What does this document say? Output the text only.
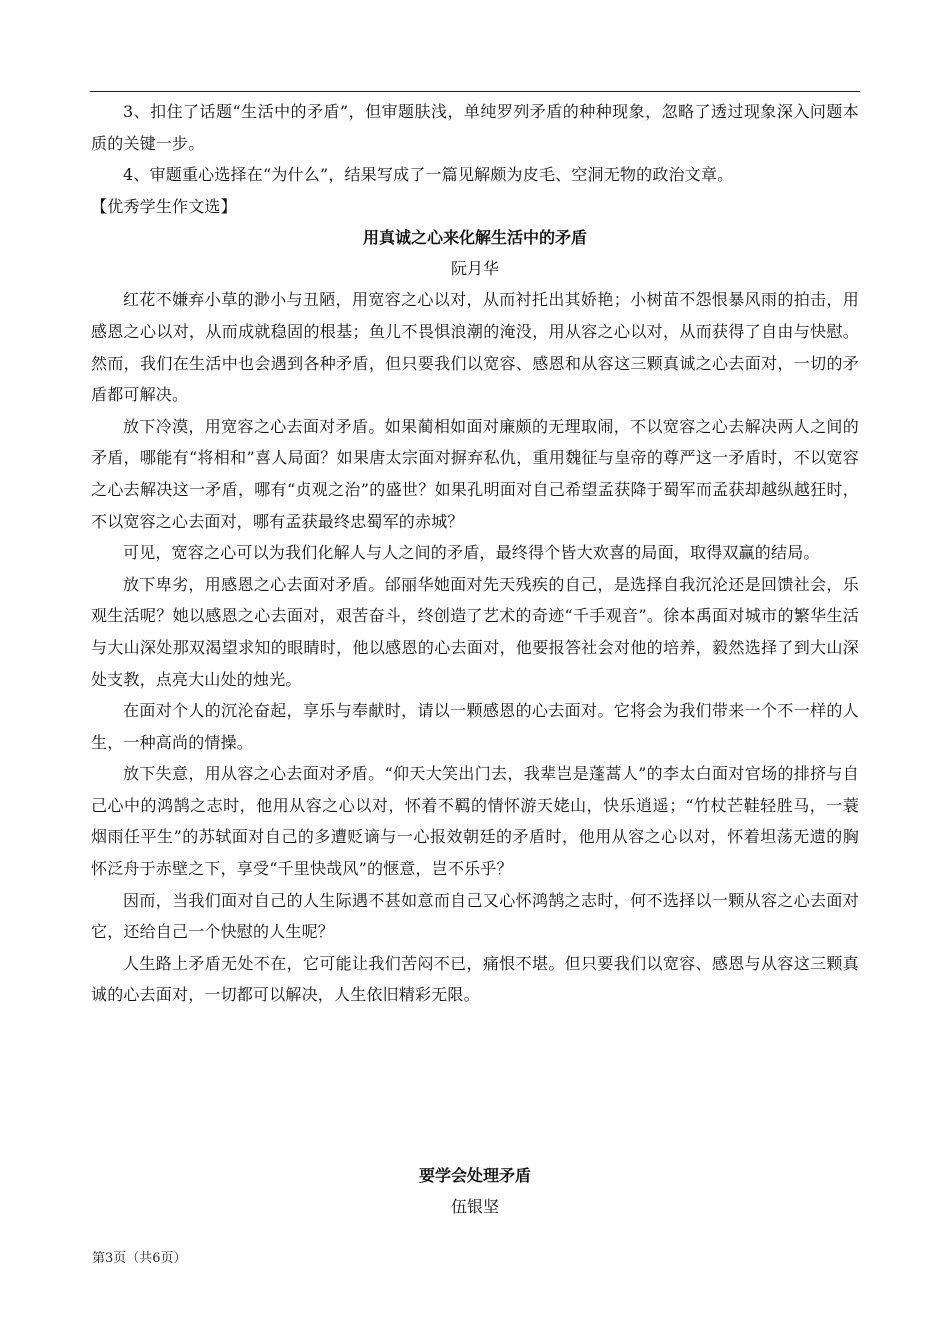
3、扣住了话题“生活中的矛盾”，但审题肤浅，单纯罗列矛盾的种种现象，忽略了透过现象深入问题本质的关键一步。

4、审题重心选择在“为什么”，结果写成了一篇见解颇为皮毛、空洞无物的政治文章。

【优秀学生作文选】

用真诚之心来化解生活中的矛盾

阮月华

红花不嫌弃小草的渺小与丑陋，用宽容之心以对，从而衬托出其娇艳；小树苗不怨恨暴风雨的拍击，用感恩之心以对，从而成就稳固的根基；鱼儿不畏惧浪潮的淹没，用从容之心以对，从而获得了自由与快慰。然而，我们在生活中也会遇到各种矛盾，但只要我们以宽容、感恩和从容这三颗真诚之心去面对，一切的矛盾都可解决。

放下冷漠，用宽容之心去面对矛盾。如果蔺相如面对廉颇的无理取闹，不以宽容之心去解决两人之间的矛盾，哪能有“将相和”喜人局面？如果唐太宗面对摒弃私仇，重用魏征与皇帝的尊严这一矛盾时，不以宽容之心去解决这一矛盾，哪有“贞观之治”的盛世？如果孔明面对自己希望孟获降于蜀军而孟获却越纵越狂时，不以宽容之心去面对，哪有孟获最终忠蜀军的赤城？

可见，宽容之心可以为我们化解人与人之间的矛盾，最终得个皆大欢喜的局面，取得双赢的结局。

放下卑劣，用感恩之心去面对矛盾。邰丽华她面对先天残疾的自己，是选择自我沉沦还是回馈社会，乐观生活呢？她以感恩之心去面对，艰苦奋斗，终创造了艺术的奇迹“千手观音”。徐本禹面对城市的繁华生活与大山深处那双渴望求知的眼睛时，他以感恩的心去面对，他要报答社会对他的培养，毅然选择了到大山深处支教，点亮大山处的烛光。

在面对个人的沉沦奋起，享乐与奉献时，请以一颗感恩的心去面对。它将会为我们带来一个不一样的人生，一种高尚的情操。

放下失意，用从容之心去面对矛盾。“仰天大笑出门去，我辈岂是蓬蒿人”的李太白面对官场的排挤与自己心中的鸿鹄之志时，他用从容之心以对，怀着不羁的情怀游天姥山，快乐逍遥；“竹杖芒鞋轻胜马，一蓑烟雨任平生”的苏轼面对自己的多遭贬谪与一心报效朝廷的矛盾时，他用从容之心以对，怀着坦荡无遗的胸怀泛舟于赤壁之下，享受“千里快哉风”的惬意，岂不乐乎？

因而，当我们面对自己的人生际遇不甚如意而自己又心怀鸿鹄之志时，何不选择以一颗从容之心去面对它，还给自己一个快慰的人生呢？

人生路上矛盾无处不在，它可能让我们苦闷不已，痛恨不堪。但只要我们以宽容、感恩与从容这三颗真诚的心去面对，一切都可以解决，人生依旧精彩无限。

要学会处理矛盾

伍银坚

第3页（共6页）
